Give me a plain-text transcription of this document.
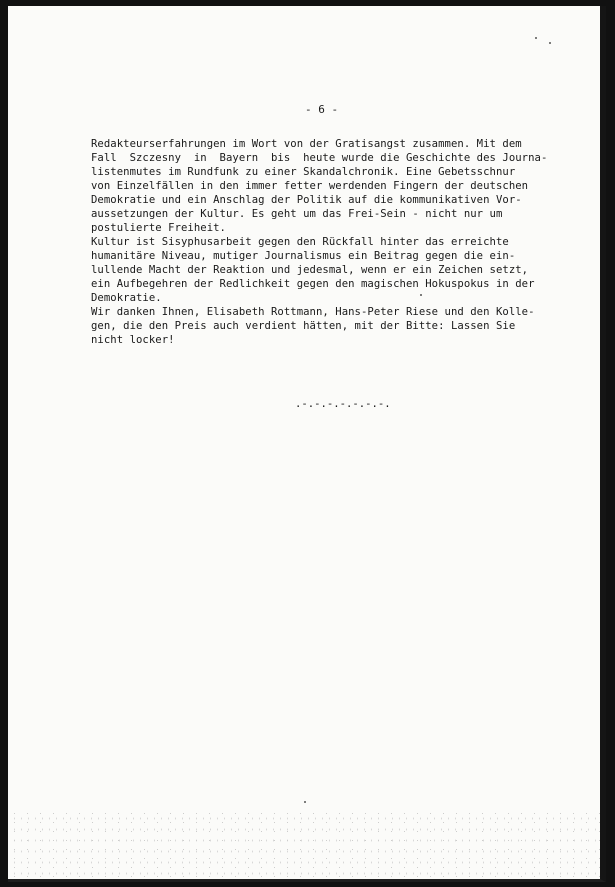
- 6 -
Redakteurserfahrungen im Wort von der Gratisangst zusammen. Mit dem
Fall  Szczesny  in  Bayern  bis  heute wurde die Geschichte des Journa-
listenmutes im Rundfunk zu einer Skandalchronik. Eine Gebetsschnur
von Einzelfällen in den immer fetter werdenden Fingern der deutschen
Demokratie und ein Anschlag der Politik auf die kommunikativen Vor-
aussetzungen der Kultur. Es geht um das Frei-Sein - nicht nur um
postulierte Freiheit.
Kultur ist Sisyphusarbeit gegen den Rückfall hinter das erreichte
humanitäre Niveau, mutiger Journalismus ein Beitrag gegen die ein-
lullende Macht der Reaktion und jedesmal, wenn er ein Zeichen setzt,
ein Aufbegehren der Redlichkeit gegen den magischen Hokuspokus in der
Demokratie.
Wir danken Ihnen, Elisabeth Rottmann, Hans-Peter Riese und den Kolle-
gen, die den Preis auch verdient hätten, mit der Bitte: Lassen Sie
nicht locker!
.-.-.-.-.-.-.-.
